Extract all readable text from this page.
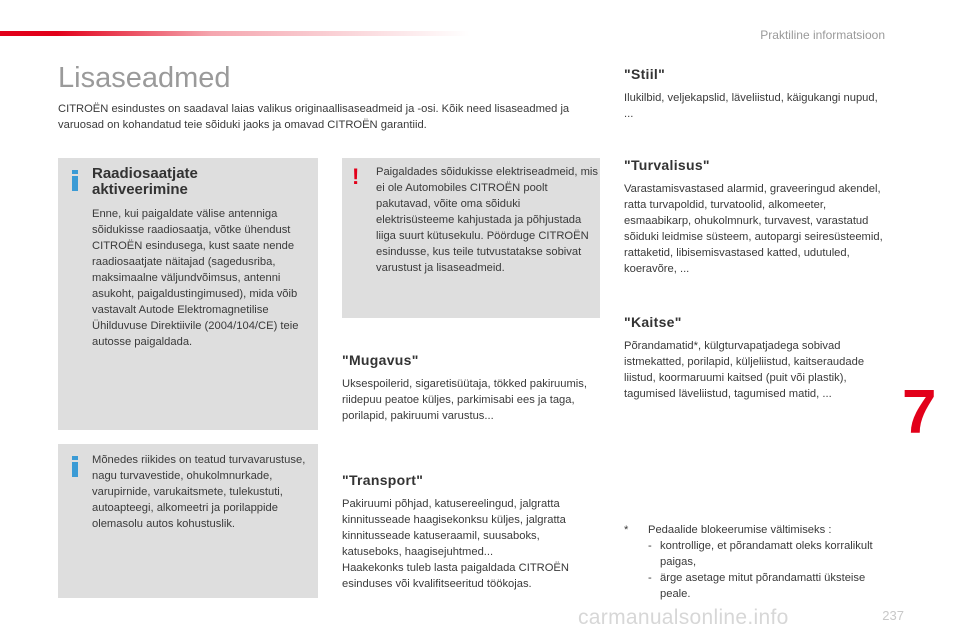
Praktiline informatsioon
Lisaseadmed

CITROËN esindustes on saadaval laias valikus originaallisaseadmeid ja -osi. Kõik need lisaseadmed ja varuosad on kohandatud teie sõiduki jaoks ja omavad CITROËN garantiid.

Raadiosaatjate aktiveerimine
Enne, kui paigaldate välise antenniga sõidukisse raadiosaatja, võtke ühendust CITROËN esindusega, kust saate nende raadiosaatjate näitajad (sagedusriba, maksimaalne väljundvõimsus, antenni asukoht, paigaldustingimused), mida võib vastavalt Autode Elektromagnetilise Ühilduvuse Direktiivile (2004/104/CE) teie autosse paigaldada.
! Paigaldades sõidukisse elektriseadmeid, mis ei ole Automobiles CITROËN poolt pakutavad, võite oma sõiduki elektrisüsteeme kahjustada ja põhjustada liiga suurt kütusekulu. Pöörduge CITROËN esindusse, kus teile tutvustatakse sobivat varustust ja lisaseadmeid.
Mõnedes riikides on teatud turvavarustuse, nagu turvavestide, ohukolmnurkade, varupirnide, varukaitsmete, tulekustuti, autoapteegi, alkomeetri ja porilappide olemasolu autos kohustuslik.
"Mugavus"
Uksespoilerid, sigaretisüütaja, tökked pakiruumis, riidepuu peatoe küljes, parkimisabi ees ja taga, porilapid, pakiruumi varustus...
"Transport"
Pakiruumi põhjad, katusereelingud, jalgratta kinnitusseade haagisekonksu küljes, jalgratta kinnitusseade katuseraamil, suusaboks, katuseboks, haagisejuhtmed...
Haakekonks tuleb lasta paigaldada CITROËN esinduses või kvalifitseeritud töökojas.
"Stiil"
Ilukilbid, veljekapslid, läveliistud, käigukangi nupud, ...
"Turvalisus"
Varastamisvastased alarmid, graveeringud akendel, ratta turvapoldid, turvatoolid, alkomeeter, esmaabikarp, ohukolmnurk, turvavest, varastatud sõiduki leidmise süsteem, autopargi seiresüsteemid, rattaketid, libisemisvastased katted, udutuled, koeravõre, ...
"Kaitse"
Põrandamatid*, külgturvapatjadega sobivad istmekatted, porilapid, küljeliistud, kaitseraudade liistud, koormaruumi kaitsed (puit või plastik), tagumised läveliistud, tagumised matid, ...
*	Pedaalide blokeerumise vältimiseks :
- kontrollige, et põrandamatt oleks korralikult paigas,
- ärge asetage mitut põrandamatti üksteise peale.
7
237
carmanualsonline.info
